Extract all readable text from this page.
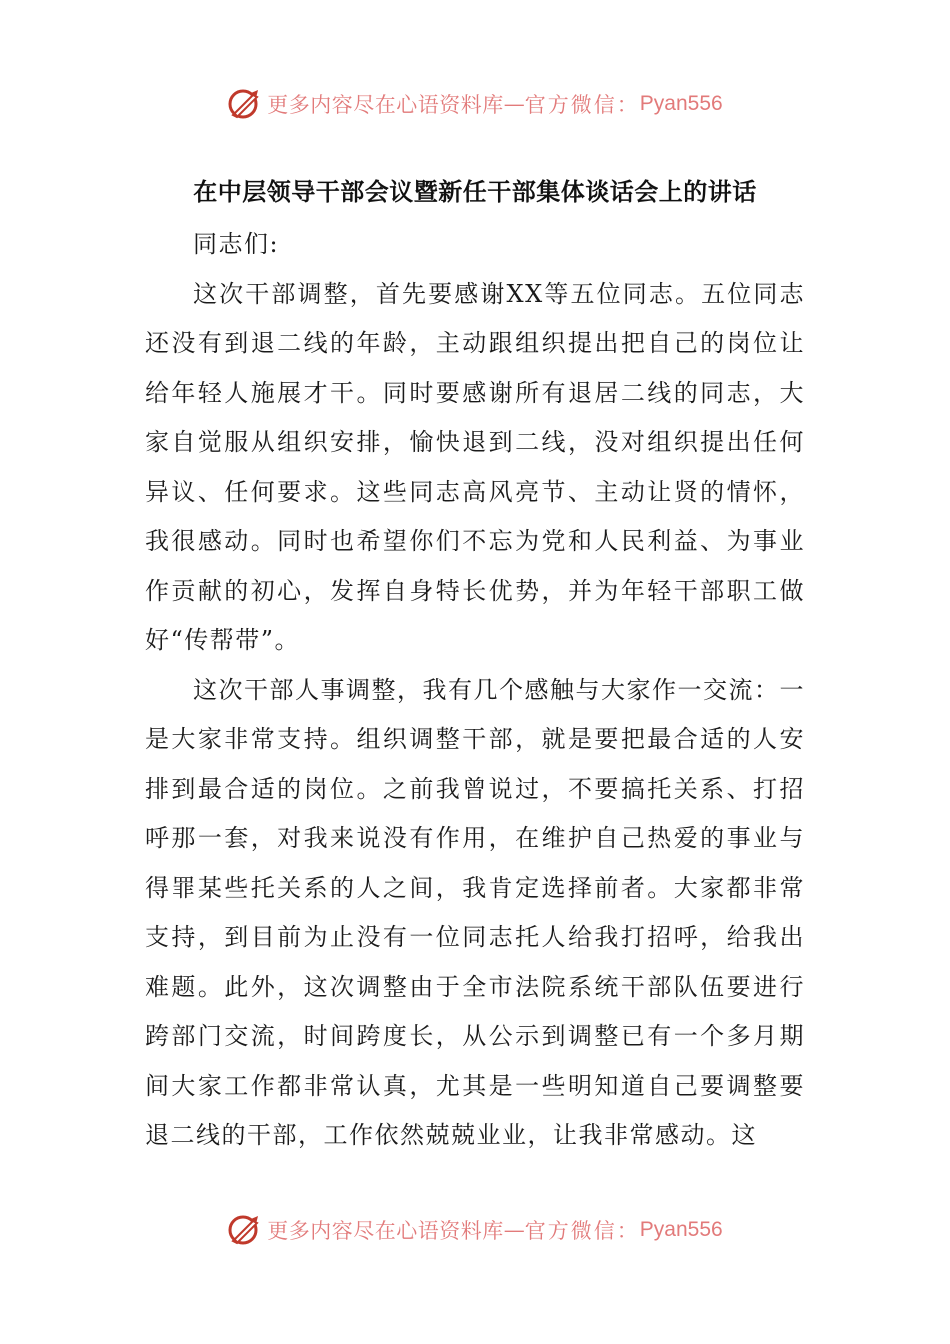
更多内容尽在心语资料库 — 官方微信： Pyan556
在中层领导干部会议暨新任干部集体谈话会上的讲话

同志们:

这次干部调整，首先要感谢XX等五位同志。五位同志还没有到退二线的年龄，主动跟组织提出把自己的岗位让给年轻人施展才干。同时要感谢所有退居二线的同志，大家自觉服从组织安排，愉快退到二线，没对组织提出任何异议、任何要求。这些同志高风亮节、主动让贤的情怀，我很感动。同时也希望你们不忘为党和人民利益、为事业作贡献的初心，发挥自身特长优势，并为年轻干部职工做好“传帮带”。

这次干部人事调整，我有几个感触与大家作一交流：一是大家非常支持。组织调整干部，就是要把最合适的人安排到最合适的岗位。之前我曾说过，不要搞托关系、打招呼那一套，对我来说没有作用，在维护自己热爱的事业与得罪某些托关系的人之间，我肯定选择前者。大家都非常支持，到目前为止没有一位同志托人给我打招呼，给我出难题。此外，这次调整由于全市法院系统干部队伍要进行跨部门交流，时间跨度长，从公示到调整已有一个多月期间大家工作都非常认真，尤其是一些明知道自己要调整要退二线的干部，工作依然兢兢业业，让我非常感动。这

更多内容尽在心语资料库 — 官方微信： Pyan556
